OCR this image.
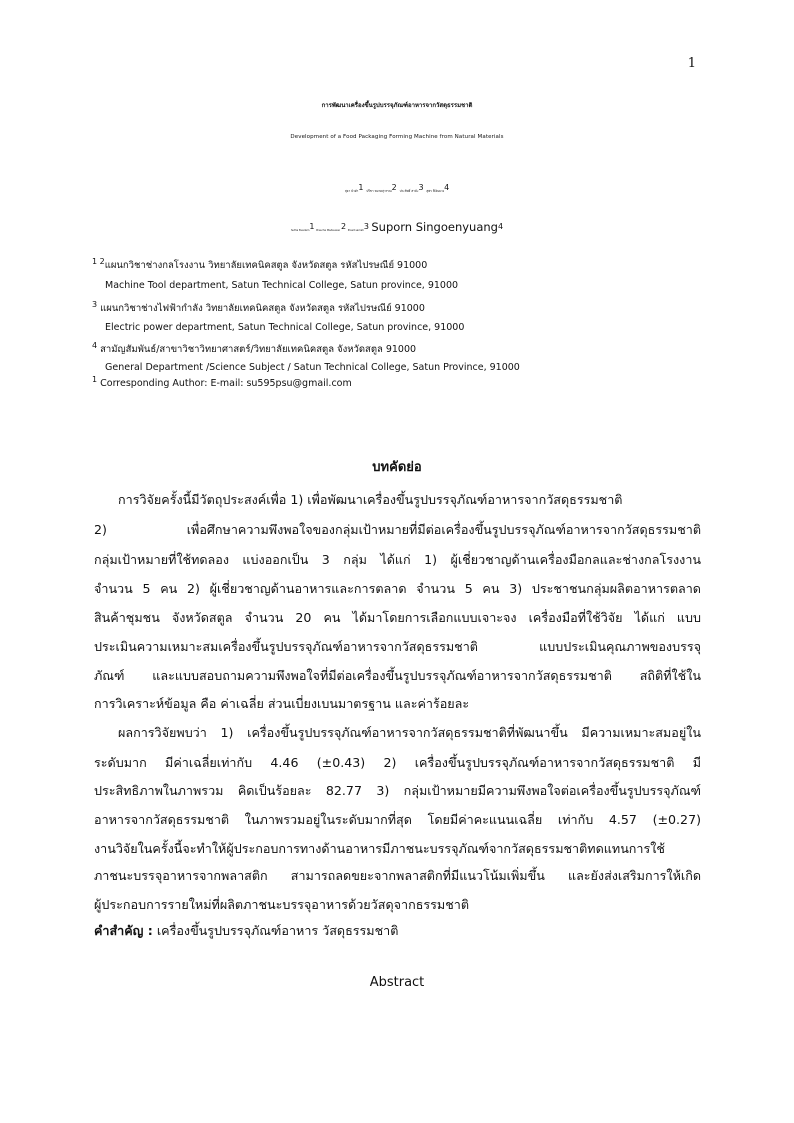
1
การพัฒนาเครื่องขึ้นรูปบรรจุภัณฑ์อาหารจากวัสดุธรรมชาติ
Development of a Food Packaging Forming Machine from Natural Materials
สุธา บัวดำ$^1$ ปรีชา หมาดสุวรรณ$^2$ ประสิทธิ์ สาม้ะ$^3$ สุพร สีเงินยวง$^4$
Sutha Buadam$^1$ Preecha Madsuwan $^2$ Prasit samah$^3$ Suporn Singoenyuang$^4$
$^{1 2}$แผนกวิชาช่างกลโรงงาน วิทยาลัยเทคนิคสตูล จังหวัดสตูล รหัสไปรษณีย์ 91000
Machine Tool department, Satun Technical College, Satun province, 91000
$^3$ แผนกวิชาช่างไฟฟ้ากำลัง วิทยาลัยเทคนิคสตูล จังหวัดสตูล รหัสไปรษณีย์ 91000
Electric power department, Satun Technical College, Satun province, 91000
$^4$ สามัญสัมพันธ์/สาขาวิชาวิทยาศาสตร์/วิทยาลัยเทคนิคสตูล จังหวัดสตูล 91000
General Department /Science Subject / Satun Technical College, Satun Province, 91000
$^1$ Corresponding Author: E-mail: su595psu@gmail.com
บทคัดย่อ
การวิจัยครั้งนี้มีวัตถุประสงค์เพื่อ 1) เพื่อพัฒนาเครื่องขึ้นรูปบรรจุภัณฑ์อาหารจากวัสดุธรรมชาติ
2) เพื่อศึกษาความพึงพอใจของกลุ่มเป้าหมายที่มีต่อเครื่องขึ้นรูปบรรจุภัณฑ์อาหารจากวัสดุธรรมชาติ
กลุ่มเป้าหมายที่ใช้ทดลอง แบ่งออกเป็น 3 กลุ่ม ได้แก่ 1) ผู้เชี่ยวชาญด้านเครื่องมือกลและช่างกลโรงงาน
จำนวน 5 คน 2) ผู้เชี่ยวชาญด้านอาหารและการตลาด จำนวน 5 คน 3) ประชาชนกลุ่มผลิตอาหารตลาด
สินค้าชุมชน จังหวัดสตูล จำนวน 20 คน ได้มาโดยการเลือกแบบเจาะจง เครื่องมือที่ใช้วิจัย ได้แก่ แบบ
ประเมินความเหมาะสมเครื่องขึ้นรูปบรรจุภัณฑ์อาหารจากวัสดุธรรมชาติ แบบประเมินคุณภาพของบรรจุ
ภัณฑ์ และแบบสอบถามความพึงพอใจที่มีต่อเครื่องขึ้นรูปบรรจุภัณฑ์อาหารจากวัสดุธรรมชาติ สถิติที่ใช้ใน
การวิเคราะห์ข้อมูล คือ ค่าเฉลี่ย ส่วนเบี่ยงเบนมาตรฐาน และค่าร้อยละ
ผลการวิจัยพบว่า 1) เครื่องขึ้นรูปบรรจุภัณฑ์อาหารจากวัสดุธรรมชาติที่พัฒนาขึ้น มีความเหมาะสมอยู่ใน
ระดับมาก มีค่าเฉลี่ยเท่ากับ 4.46 (±0.43) 2) เครื่องขึ้นรูปบรรจุภัณฑ์อาหารจากวัสดุธรรมชาติ มี
ประสิทธิภาพในภาพรวม คิดเป็นร้อยละ 82.77 3) กลุ่มเป้าหมายมีความพึงพอใจต่อเครื่องขึ้นรูปบรรจุภัณฑ์
อาหารจากวัสดุธรรมชาติ ในภาพรวมอยู่ในระดับมากที่สุด โดยมีค่าคะแนนเฉลี่ย เท่ากับ 4.57 (±0.27)
งานวิจัยในครั้งนี้จะทำให้ผู้ประกอบการทางด้านอาหารมีภาชนะบรรจุภัณฑ์จากวัสดุธรรมชาติทดแทนการใช้
ภาชนะบรรจุอาหารจากพลาสติก สามารถลดขยะจากพลาสติกที่มีแนวโน้มเพิ่มขึ้น และยังส่งเสริมการให้เกิด
ผู้ประกอบการรายใหม่ที่ผลิตภาชนะบรรจุอาหารด้วยวัสดุจากธรรมชาติ
คำสำคัญ : เครื่องขึ้นรูปบรรจุภัณฑ์อาหาร วัสดุธรรมชาติ
Abstract
